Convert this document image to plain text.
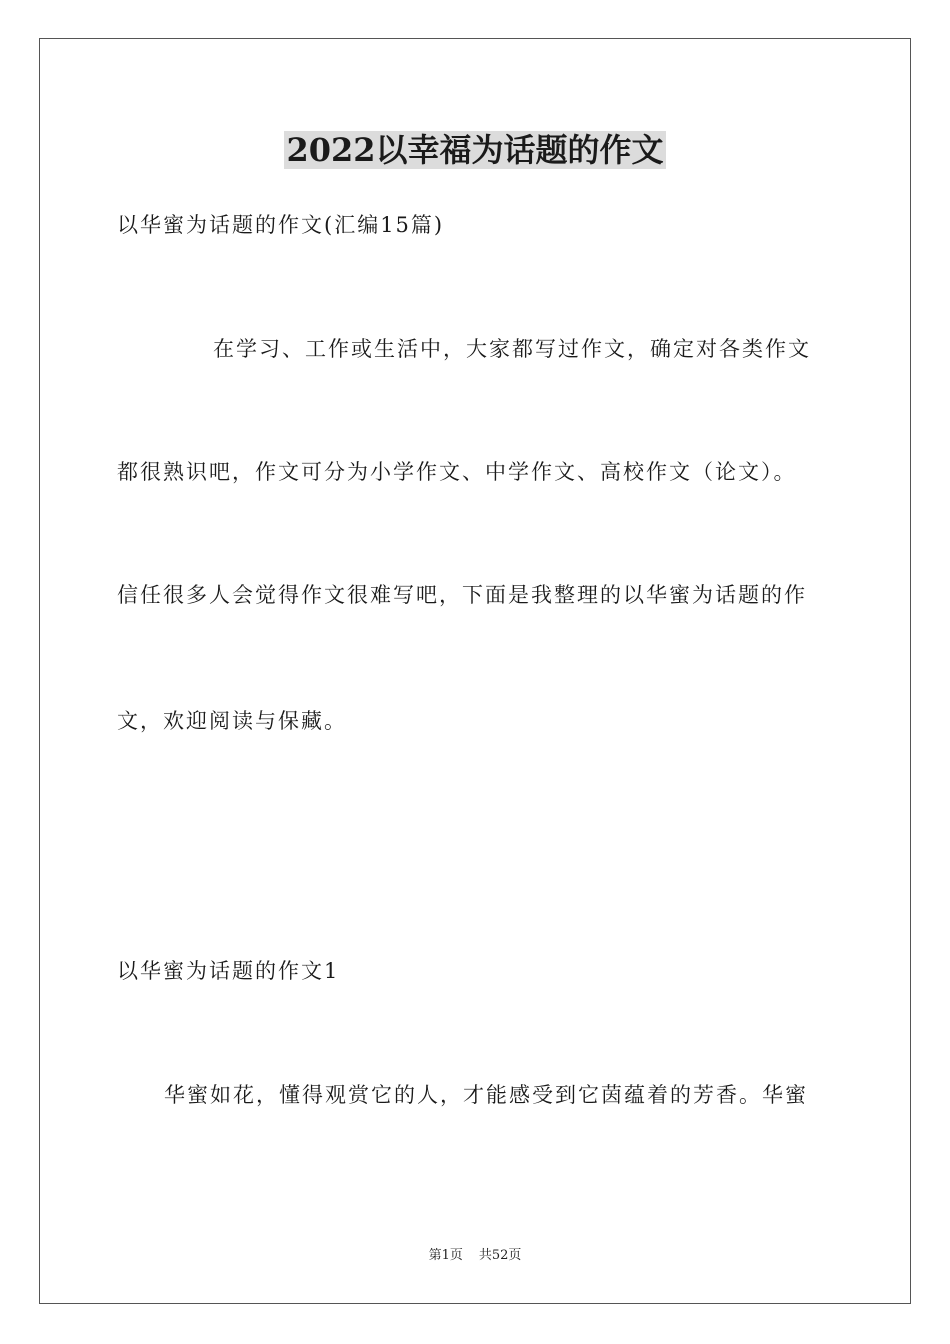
2022以幸福为话题的作文
以华蜜为话题的作文(汇编15篇)
在学习、工作或生活中，大家都写过作文，确定对各类作文
都很熟识吧，作文可分为小学作文、中学作文、高校作文（论文）。
信任很多人会觉得作文很难写吧，下面是我整理的以华蜜为话题的作
文，欢迎阅读与保藏。
以华蜜为话题的作文1
华蜜如花，懂得观赏它的人，才能感受到它茵蕴着的芳香。华蜜
第1页 共52页
